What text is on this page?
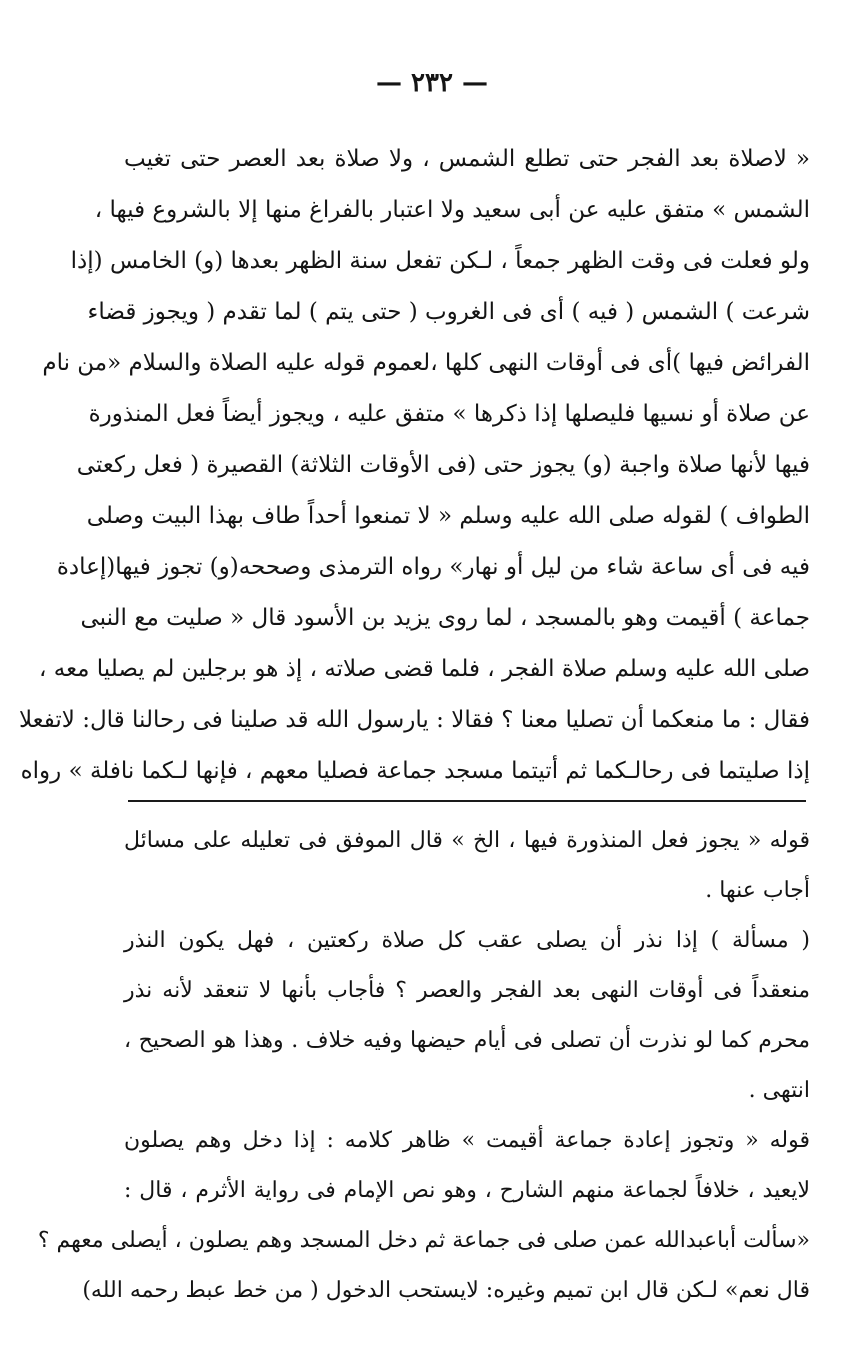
— ٢٣٢ —
« لاصلاة بعد الفجر حتى تطلع الشمس ، ولا صلاة بعد العصر حتى تغيب
الشمس » متفق عليه عن أبى سعيد ولا اعتبار بالفراغ منها إلا بالشروع فيها ،
ولو فعلت فى وقت الظهر جمعاً ، لـكن تفعل سنة الظهر بعدها (و) الخامس (إذا
شرعت ) الشمس ( فيه ) أى فى الغروب ( حتى يتم ) لما تقدم ( ويجوز قضاء
الفرائض فيها )أى فى أوقات النهى كلها ،لعموم قوله عليه الصلاة والسلام «من نام
عن صلاة أو نسيها فليصلها إذا ذكرها » متفق عليه ، ويجوز أيضاً فعل المنذورة
فيها لأنها صلاة واجبة (و) يجوز حتى (فى الأوقات الثلاثة) القصيرة ( فعل ركعتى
الطواف ) لقوله صلى الله عليه وسلم « لا تمنعوا أحداً طاف بهذا البيت وصلى
فيه فى أى ساعة شاء من ليل أو نهار» رواه الترمذى وصححه(و) تجوز فيها(إعادة
جماعة ) أقيمت وهو بالمسجد ، لما روى يزيد بن الأسود قال « صليت مع النبى
صلى الله عليه وسلم صلاة الفجر ، فلما قضى صلاته ، إذ هو برجلين لم يصليا معه ،
فقال : ما منعكما أن تصليا معنا ؟ فقالا : يارسول الله قد صلينا فى رحالنا قال: لاتفعلا
إذا صليتما فى رحالـكما ثم أتيتما مسجد جماعة فصليا معهم ، فإنها لـكما نافلة » رواه
قوله « يجوز فعل المنذورة فيها ، الخ » قال الموفق فى تعليله على مسائل
أجاب عنها .
( مسألة ) إذا نذر أن يصلى عقب كل صلاة ركعتين ، فهل يكون النذر
منعقداً فى أوقات النهى بعد الفجر والعصر ؟ فأجاب بأنها لا تنعقد لأنه نذر
محرم كما لو نذرت أن تصلى فى أيام حيضها وفيه خلاف . وهذا هو الصحيح ،
انتهى .
قوله « وتجوز إعادة جماعة أقيمت » ظاهر كلامه : إذا دخل وهم يصلون
لايعيد ، خلافاً لجماعة منهم الشارح ، وهو نص الإمام فى رواية الأثرم ، قال :
«سألت أباعبدالله عمن صلى فى جماعة ثم دخل المسجد وهم يصلون ، أيصلى معهم ؟
قال نعم» لـكن قال ابن تميم وغيره: لايستحب الدخول ( من خط عبط رحمه الله)
